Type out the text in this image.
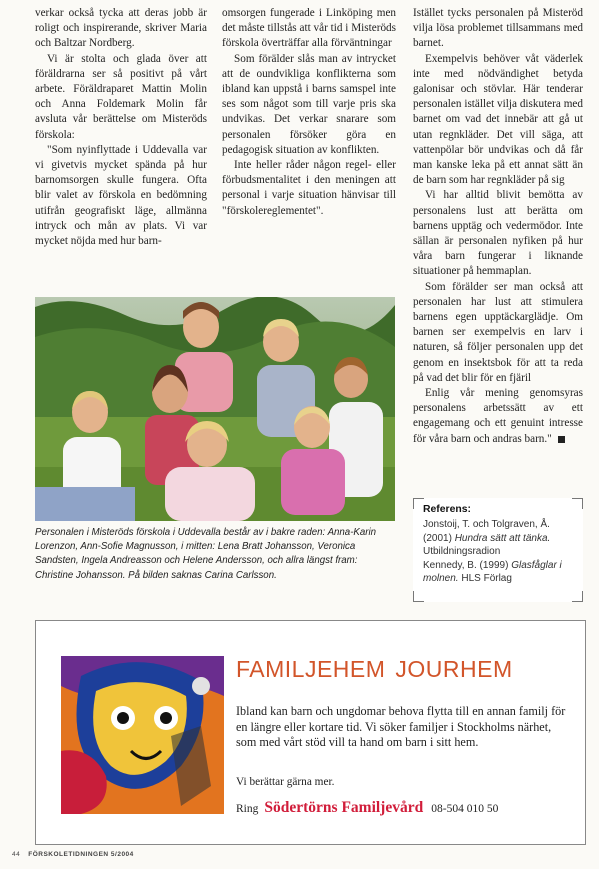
verkar också tycka att deras jobb är roligt och inspirerande, skriver Maria och Baltzar Nordberg.

Vi är stolta och glada över att föräldrarna ser så positivt på vårt arbete. Föräldraparet Mattin Molin och Anna Foldemark Molin får avsluta vår berättelse om Misteröds förskola:

"Som nyinflyttade i Uddevalla var vi givetvis mycket spända på hur barnomsorgen skulle fungera. Ofta blir valet av förskola en bedömning utifrån geografiskt läge, allmänna intryck och mån av plats. Vi var mycket nöjda med hur barn-

omsorgen fungerade i Linköping men det måste tillstås att vår tid i Misteröds förskola överträffar alla förväntningar

Som förälder slås man av intrycket att de oundvikliga konflikterna som ibland kan uppstå i barns samspel inte ses som något som till varje pris ska undvikas. Det verkar snarare som personalen försöker göra en pedagogisk situation av konflikten.

Inte heller råder någon regel- eller förbudsmentalitet i den meningen att personal i varje situation hänvisar till "förskolereglementet".

Istället tycks personalen på Misteröd vilja lösa problemet tillsammans med barnet.

Exempelvis behöver våt väderlek inte med nödvändighet betyda galonisar och stövlar. Här tenderar personalen istället vilja diskutera med barnet om vad det innebär att gå ut utan regnkläder. Det vill säga, att vattenpölar bör undvikas och då får man kanske leka på ett annat sätt än de barn som har regnkläder på sig

Vi har alltid blivit bemötta av personalens lust att berätta om barnens upptäg och vedermödor. Inte sällan är personalen nyfiken på hur våra barn fungerar i liknande situationer på hemmaplan.

Som förälder ser man också att personalen har lust att stimulera barnens egen upptäckarglädje. Om barnen ser exempelvis en larv i naturen, så följer personalen upp det genom en insektsbok för att ta reda på vad det blir för en fjäril

Enlig vår mening genomsyras personalens arbetssätt av ett engagemang och ett genuint intresse för våra barn och andras barn."

Personalen i Misteröds förskola i Uddevalla består av i bakre raden: Anna-Karin Lorenzon, Ann-Sofie Magnusson, i mitten: Lena Bratt Johansson, Veronica Sandsten, Ingela Andreasson och Helene Andersson, och allra längst fram: Christine Johansson. På bilden saknas Carina Carlsson.
Referens:
Jonstoij, T. och Tolgraven, Å. (2001) Hundra sätt att tänka. Utbildningsradion
Kennedy, B. (1999) Glasfåglar i molnen. HLS Förlag
FAMILJEHEM JOURHEM
Ibland kan barn och ungdomar behova flytta till en annan familj för en längre eller kortare tid. Vi söker familjer i Stockholms närhet, som med vårt stöd vill ta hand om barn i sitt hem.
Vi berättar gärna mer.
Ring Södertörns Familjevård 08-504 010 50
44 FÖRSKOLETIDNINGEN 5/2004
